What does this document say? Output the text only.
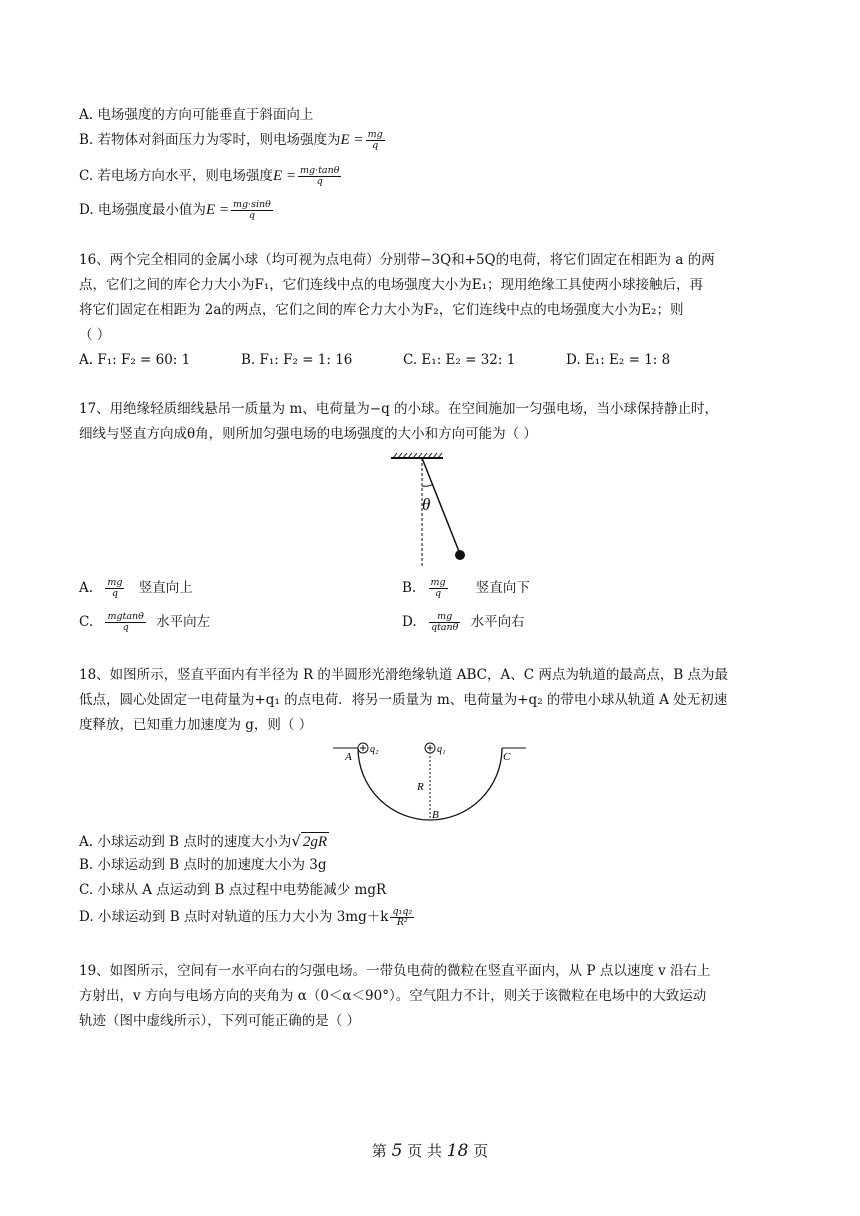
A. 电场强度的方向可能垂直于斜面向上
B. 若物体对斜面压力为零时，则电场强度为$E = \frac{mg}{q}$
C. 若电场方向水平，则电场强度$E = \frac{mg\cdot\tan\theta}{q}$
D. 电场强度最小值为$E = \frac{mg\cdot\sin\theta}{q}$
16、两个完全相同的金属小球（均可视为点电荷）分别带−3Q和+5Q的电荷，将它们固定在相距为 a 的两
点，它们之间的库仑力大小为F₁，它们连线中点的电场强度大小为E₁；现用绝缘工具使两小球接触后，再
将它们固定在相距为 2a的两点，它们之间的库仑力大小为F₂，它们连线中点的电场强度大小为E₂；则
（ ）
A. F₁: F₂ = 60: 1	B. F₁: F₂ = 1: 16	C. E₁: E₂ = 32: 1	D. E₁: E₂ = 1: 8
17、用绝缘轻质细线悬吊一质量为 m、电荷量为−q 的小球。在空间施加一匀强电场，当小球保持静止时，
细线与竖直方向成θ角，则所加匀强电场的电场强度的大小和方向可能为（ ）
θ
A. $\frac{mg}{q}$ 竖直向上	B. $\frac{mg}{q}$ 竖直向下
C. $\frac{mgtan\theta}{q}$ 水平向左	D. $\frac{mg}{qtan\theta}$ 水平向右
18、如图所示，竖直平面内有半径为 R 的半圆形光滑绝缘轨道 ABC，A、C 两点为轨道的最高点，B 点为最
低点，圆心处固定一电荷量为+q₁ 的点电荷．将另一质量为 m、电荷量为+q₂ 的带电小球从轨道 A 处无初速
度释放，已知重力加速度为 g，则（ ）
q₂	q₁
A	C
R
B
A. 小球运动到 B 点时的速度大小为√ 2gR
B. 小球运动到 B 点时的加速度大小为 3g
C. 小球从 A 点运动到 B 点过程中电势能减少 mgR
D. 小球运动到 B 点时对轨道的压力大小为 $3mg+k \frac{\text{q₁q₂}}{\text{R²}}$
19、如图所示，空间有一水平向右的匀强电场。一带负电荷的微粒在竖直平面内，从 P 点以速度 v 沿右上
方射出，v 方向与电场方向的夹角为 α（0＜α＜90°）。空气阻力不计，则关于该微粒在电场中的大致运动
轨迹（图中虚线所示），下列可能正确的是（ ）
第 5 页 共 18 页
